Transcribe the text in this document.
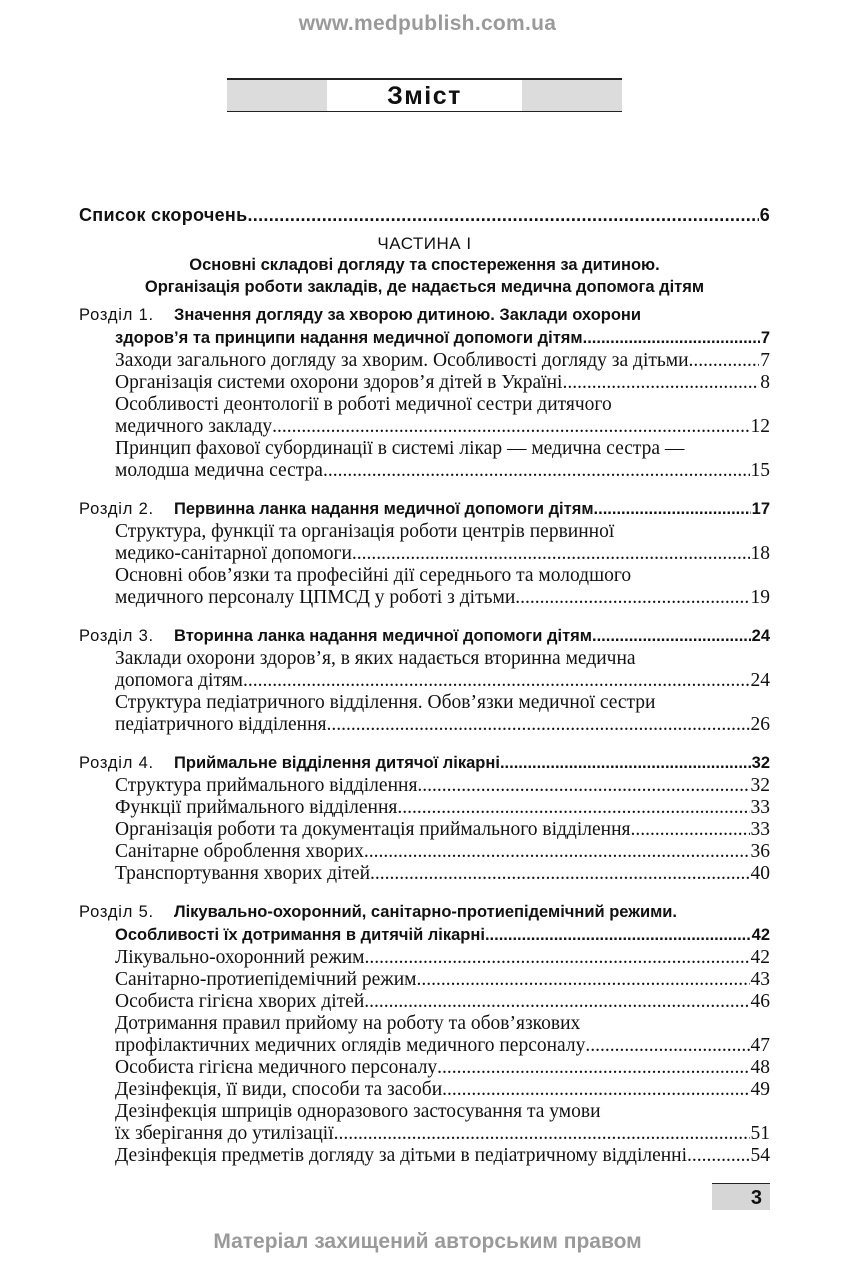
www.medpublish.com.ua
Зміст
Список скорочень .....	6
ЧАСТИНА І
Основні складові догляду та спостереження за дитиною.
Організація роботи закладів, де надається медична допомога дітям
Розділ 1.	Значення догляду за хворою дитиною. Заклади охорони
здоров’я та принципи надання медичної допомоги дітям .....	7
Заходи загального догляду за хворим. Особливості догляду за дітьми .....	7
Організація системи охорони здоров’я дітей в Україні .....	8
Особливості деонтології в роботі медичної сестри дитячого
медичного закладу .....	12
Принцип фахової субординації в системі лікар — медична сестра —
молодша медична сестра .....	15
Розділ 2.	Первинна ланка надання медичної допомоги дітям .....	17
Структура, функції та організація роботи центрів первинної
медико-санітарної допомоги .....	18
Основні обов’язки та професійні дії середнього та молодшого
медичного персоналу ЦПМСД у роботі з дітьми .....	19
Розділ 3.	Вторинна ланка надання медичної допомоги дітям .....	24
Заклади охорони здоров’я, в яких надається вторинна медична
допомога дітям .....	24
Структура педіатричного відділення. Обов’язки медичної сестри
педіатричного відділення .....	26
Розділ 4.	Приймальне відділення дитячої лікарні .....	32
Структура приймального відділення .....	32
Функції приймального відділення .....	33
Організація роботи та документація приймального відділення .....	33
Санітарне оброблення хворих .....	36
Транспортування хворих дітей .....	40
Розділ 5.	Лікувально-охоронний, санітарно-протиепідемічний режими.
Особливості їх дотримання в дитячій лікарні .....	42
Лікувально-охоронний режим .....	42
Санітарно-протиепідемічний режим .....	43
Особиста гігієна хворих дітей .....	46
Дотримання правил прийому на роботу та обов’язкових
профілактичних медичних оглядів медичного персоналу .....	47
Особиста гігієна медичного персоналу .....	48
Дезінфекція, її види, способи та засоби .....	49
Дезінфекція шприців одноразового застосування та умови
їх зберігання до утилізації .....	51
Дезінфекція предметів догляду за дітьми в педіатричному відділенні .....	54
3
Матеріал захищений авторським правом
